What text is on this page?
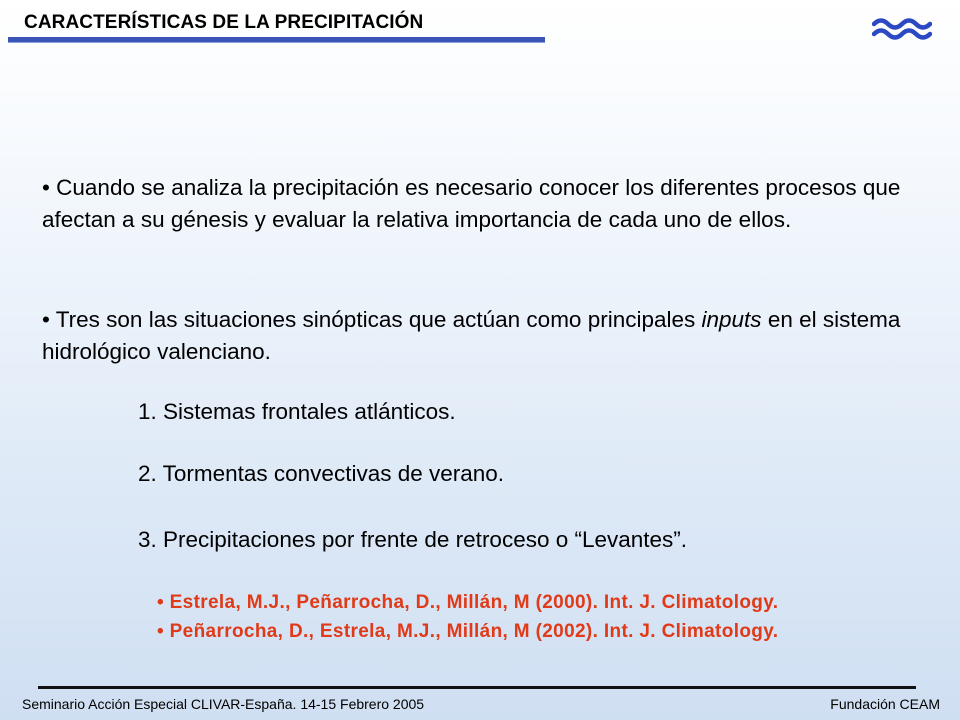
CARACTERÍSTICAS DE LA PRECIPITACIÓN
• Cuando se analiza la precipitación es necesario conocer los diferentes procesos que afectan a su génesis y evaluar la relativa importancia de cada uno de ellos.
• Tres son las situaciones sinópticas que actúan como principales inputs en el sistema hidrológico valenciano.
1. Sistemas frontales atlánticos.
2. Tormentas convectivas de verano.
3. Precipitaciones por frente de retroceso o “Levantes”.
• Estrela, M.J., Peñarrocha, D., Millán, M (2000). Int. J. Climatology.
• Peñarrocha, D., Estrela, M.J., Millán, M (2002). Int. J. Climatology.
Seminario Acción Especial CLIVAR-España. 14-15 Febrero 2005	Fundación CEAM
